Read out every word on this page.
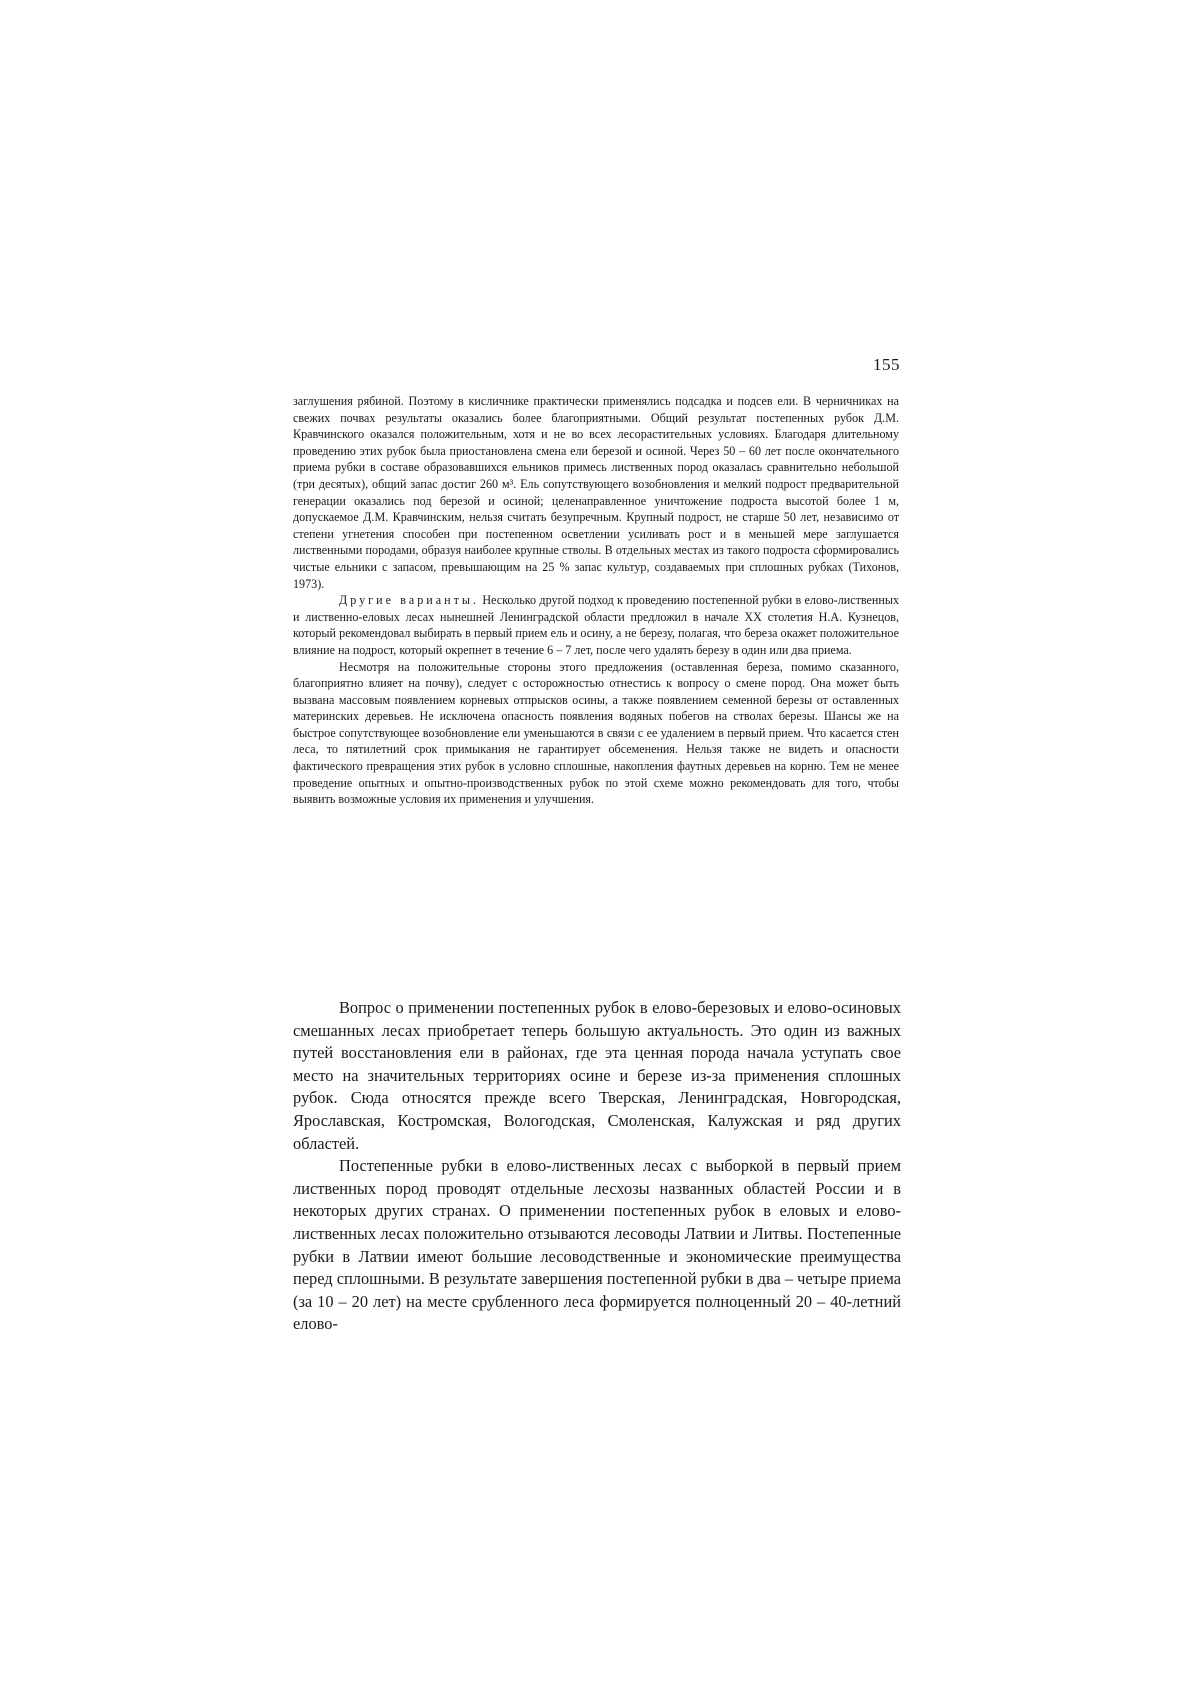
155

заглушения рябиной. Поэтому в кисличнике практически применялись подсадка и подсев ели. В черничниках на свежих почвах результаты оказались более благоприятными. Общий результат постепенных рубок Д.М. Кравчинского оказался положительным, хотя и не во всех лесорастительных условиях. Благодаря длительному проведению этих рубок была приостановлена смена ели березой и осиной. Через 50 – 60 лет после окончательного приема рубки в составе образовавшихся ельников примесь лиственных пород оказалась сравнительно небольшой (три десятых), общий запас достиг 260 м³. Ель сопутствующего возобновления и мелкий подрост предварительной генерации оказались под березой и осиной; целенаправленное уничтожение подроста высотой более 1 м, допускаемое Д.М. Кравчинским, нельзя считать безупречным. Крупный подрост, не старше 50 лет, независимо от степени угнетения способен при постепенном осветлении усиливать рост и в меньшей мере заглушается лиственными породами, образуя наиболее крупные стволы. В отдельных местах из такого подроста сформировались чистые ельники с запасом, превышающим на 25 % запас культур, создаваемых при сплошных рубках (Тихонов, 1973).

Другие варианты. Несколько другой подход к проведению постепенной рубки в елово-лиственных и лиственно-еловых лесах нынешней Ленинградской области предложил в начале XX столетия Н.А. Кузнецов, который рекомендовал выбирать в первый прием ель и осину, а не березу, полагая, что береза окажет положительное влияние на подрост, который окрепнет в течение 6 – 7 лет, после чего удалять березу в один или два приема.

Несмотря на положительные стороны этого предложения (оставленная береза, помимо сказанного, благоприятно влияет на почву), следует с осторожностью отнестись к вопросу о смене пород. Она может быть вызвана массовым появлением корневых отпрысков осины, а также появлением семенной березы от оставленных материнских деревьев. Не исключена опасность появления водяных побегов на стволах березы. Шансы же на быстрое сопутствующее возобновление ели уменьшаются в связи с ее удалением в первый прием. Что касается стен леса, то пятилетний срок примыкания не гарантирует обсеменения. Нельзя также не видеть и опасности фактического превращения этих рубок в условно сплошные, накопления фаутных деревьев на корню. Тем не менее проведение опытных и опытно-производственных рубок по этой схеме можно рекомендовать для того, чтобы выявить возможные условия их применения и улучшения.

Вопрос о применении постепенных рубок в елово-березовых и елово-осиновых смешанных лесах приобретает теперь большую актуальность. Это один из важных путей восстановления ели в районах, где эта ценная порода начала уступать свое место на значительных территориях осине и березе из-за применения сплошных рубок. Сюда относятся прежде всего Тверская, Ленинградская, Новгородская, Ярославская, Костромская, Вологодская, Смоленская, Калужская и ряд других областей.

Постепенные рубки в елово-лиственных лесах с выборкой в первый прием лиственных пород проводят отдельные лесхозы названных областей России и в некоторых других странах. О применении постепенных рубок в еловых и елово-лиственных лесах положительно отзываются лесоводы Латвии и Литвы. Постепенные рубки в Латвии имеют большие лесоводственные и экономические преимущества перед сплошными. В результате завершения постепенной рубки в два – четыре приема (за 10 – 20 лет) на месте срубленного леса формируется полноценный 20 – 40-летний елово-
